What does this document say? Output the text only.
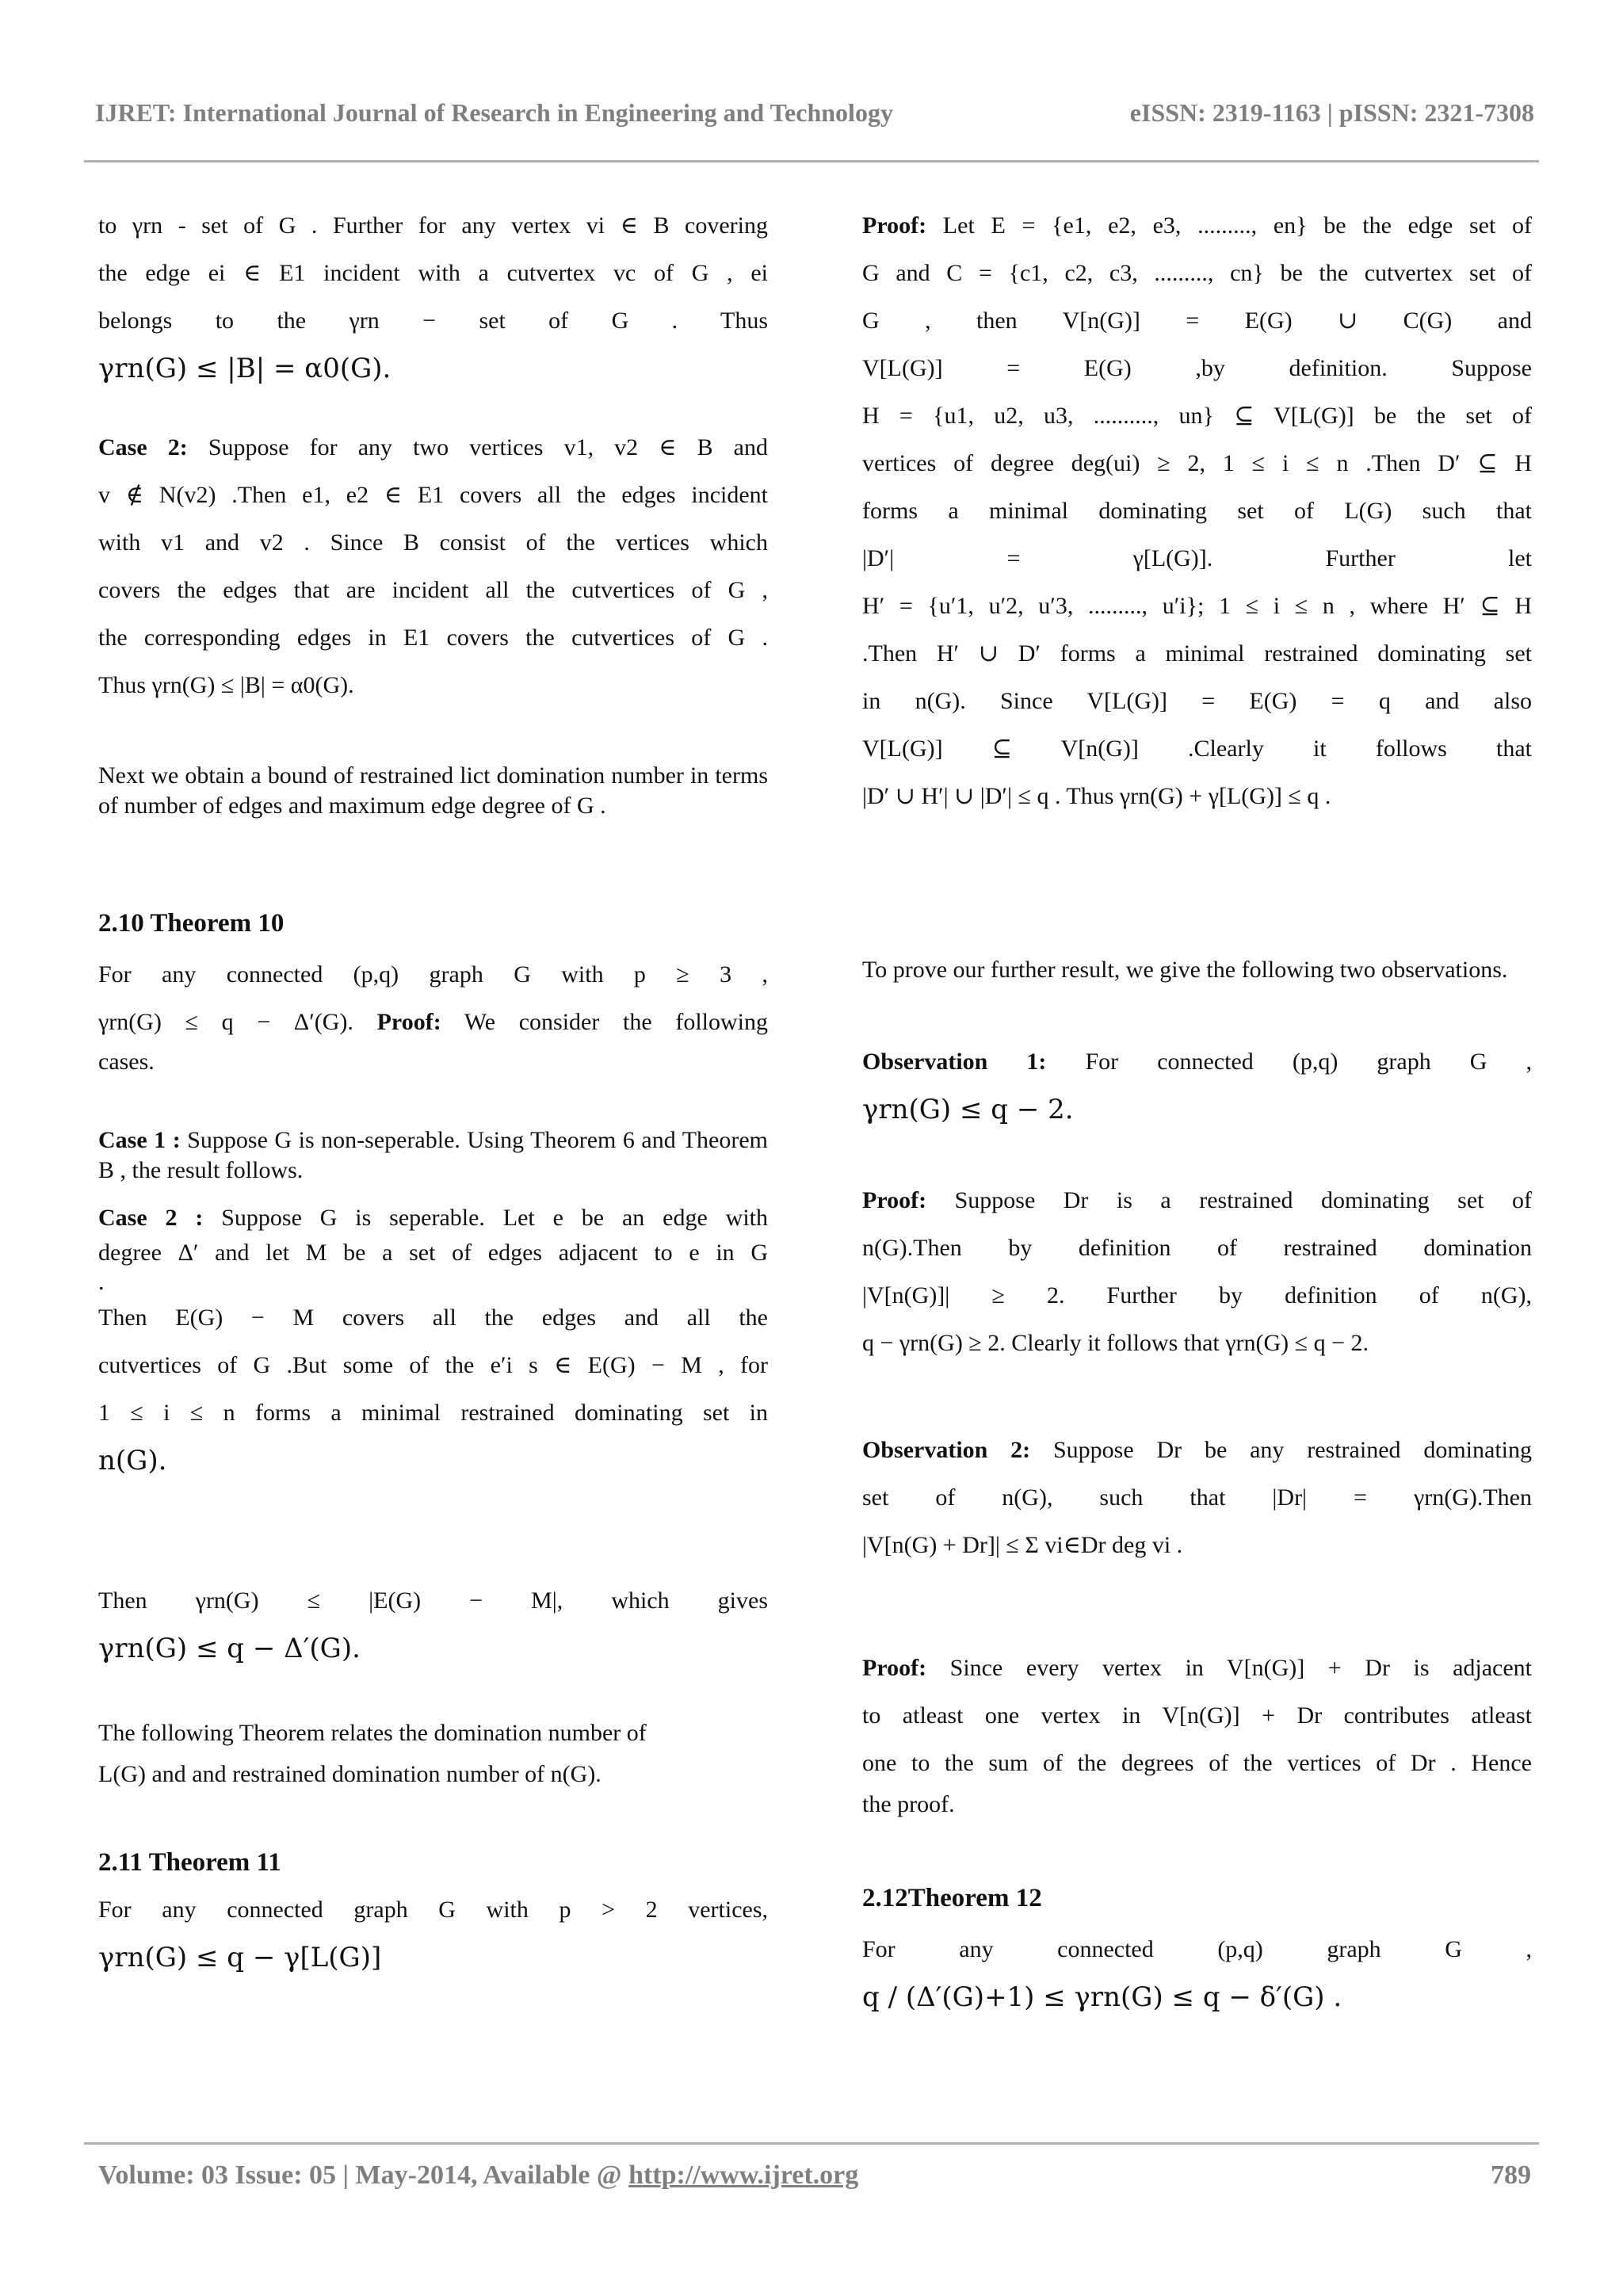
IJRET: International Journal of Research in Engineering and Technology	eISSN: 2319-1163 | pISSN: 2321-7308
to γrn - set of G . Further for any vertex vi ∈ B covering
the edge ei ∈ E1 incident with a cutvertex vc of G , ei
belongs to the γrn − set of G . Thus
γrn(G) ≤ |B| = α0(G).
Case 2: Suppose for any two vertices v1, v2 ∈ B and
v ∉ N(v2) .Then e1, e2 ∈ E1 covers all the edges incident
with v1 and v2 . Since B consist of the vertices which
covers the edges that are incident all the cutvertices of G ,
the corresponding edges in E1 covers the cutvertices of G .
Thus γrn(G) ≤ |B| = α0(G).
Next we obtain a bound of restrained lict domination number in terms of number of edges and maximum edge degree of G .
2.10 Theorem 10
For any connected (p,q) graph G with p ≥ 3 ,
γrn(G) ≤ q − Δ′(G). Proof: We consider the following
cases.
Case 1 : Suppose G is non-seperable. Using Theorem 6 and Theorem B , the result follows.
Case 2 : Suppose G is seperable. Let e be an edge with
degree Δ′ and let M be a set of edges adjacent to e in G
.
Then E(G) − M covers all the edges and all the
cutvertices of G .But some of the e′i s ∈ E(G) − M , for
1 ≤ i ≤ n forms a minimal restrained dominating set in
n(G).
Then γrn(G) ≤ |E(G) − M|, which gives
γrn(G) ≤ q − Δ′(G).
The following Theorem relates the domination number of
L(G) and and restrained domination number of n(G).
2.11 Theorem 11
For any connected graph G with p > 2 vertices,
γrn(G) ≤ q − γ[L(G)]
Proof: Let E = {e1, e2, e3, ........., en} be the edge set of
G and C = {c1, c2, c3, ........., cn} be the cutvertex set of
G , then V[n(G)] = E(G) ∪ C(G) and
V[L(G)] = E(G) ,by definition. Suppose
H = {u1, u2, u3, .........., un} ⊆ V[L(G)] be the set of
vertices of degree deg(ui) ≥ 2, 1 ≤ i ≤ n .Then D′ ⊆ H
forms a minimal dominating set of L(G) such that
|D′| = γ[L(G)]. Further let
H′ = {u′1, u′2, u′3, ........., u′i}; 1 ≤ i ≤ n , where H′ ⊆ H
.Then H′ ∪ D′ forms a minimal restrained dominating set
in n(G). Since V[L(G)] = E(G) = q and also
V[L(G)] ⊆ V[n(G)] .Clearly it follows that
|D′ ∪ H′| ∪ |D′| ≤ q . Thus γrn(G) + γ[L(G)] ≤ q .
To prove our further result, we give the following two observations.
Observation 1: For connected (p,q) graph G ,
γrn(G) ≤ q − 2.
Proof: Suppose Dr is a restrained dominating set of
n(G).Then by definition of restrained domination
|V[n(G)]| ≥ 2. Further by definition of n(G),
q − γrn(G) ≥ 2. Clearly it follows that γrn(G) ≤ q − 2.
Observation 2: Suppose Dr be any restrained dominating
set of n(G), such that |Dr| = γrn(G).Then
|V[n(G) + Dr]| ≤ Σ vi∈Dr deg vi .
Proof: Since every vertex in V[n(G)] + Dr is adjacent
to atleast one vertex in V[n(G)] + Dr contributes atleast
one to the sum of the degrees of the vertices of Dr . Hence
the proof.
2.12Theorem 12
For any connected (p,q) graph G ,
q / (Δ′(G)+1) ≤ γrn(G) ≤ q − δ′(G) .
Volume: 03 Issue: 05 | May-2014, Available @ http://www.ijret.org	789
